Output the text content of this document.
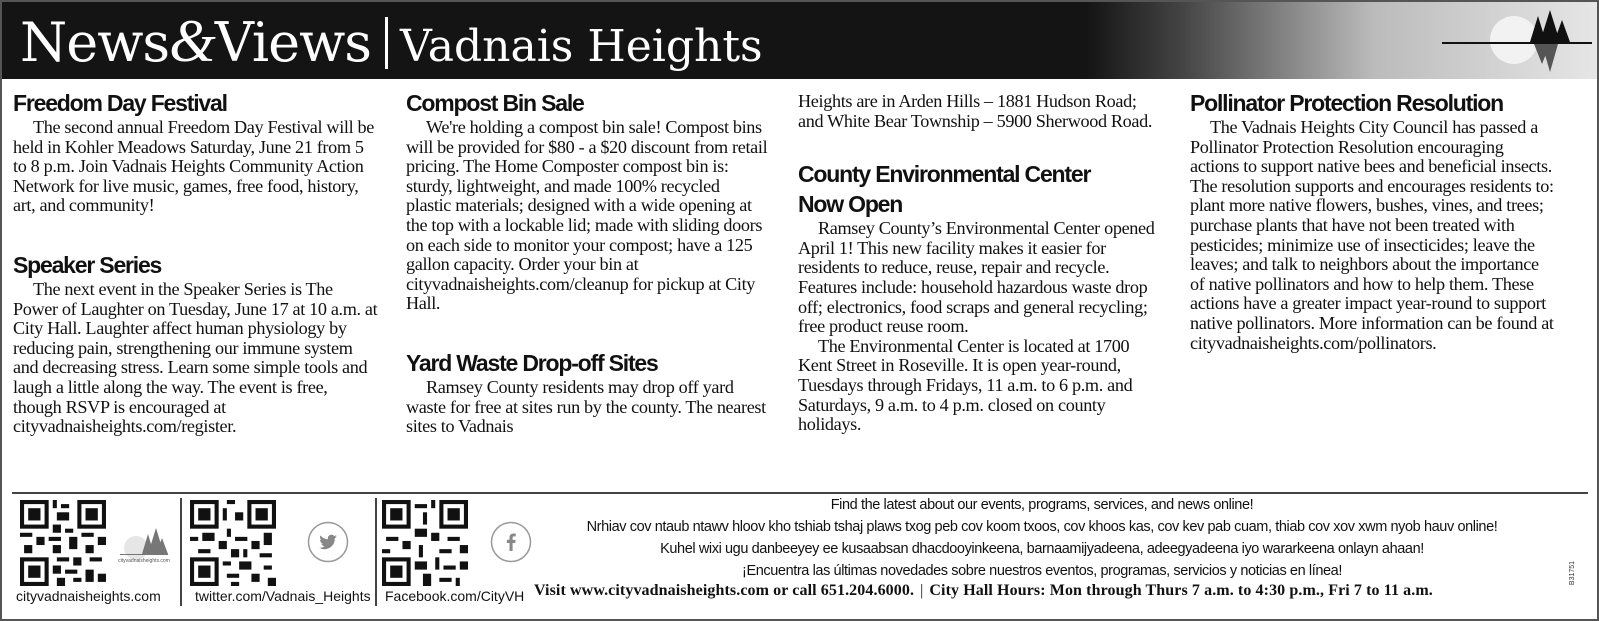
News&Views Vadnais Heights
Freedom Day Festival

The second annual Freedom Day Festival will be held in Kohler Meadows Saturday, June 21 from 5 to 8 p.m. Join Vadnais Heights Community Action Network for live music, games, free food, history, art, and community!

Speaker Series

The next event in the Speaker Series is The Power of Laughter on Tuesday, June 17 at 10 a.m. at City Hall. Laughter affect human physiology by reducing pain, strengthening our immune system and decreasing stress. Learn some simple tools and laugh a little along the way. The event is free, though RSVP is encouraged at cityvadnaisheights.com/register.

Compost Bin Sale

We're holding a compost bin sale! Compost bins will be provided for $80 - a $20 discount from retail pricing. The Home Composter compost bin is: sturdy, lightweight, and made 100% recycled plastic materials; designed with a wide opening at the top with a lockable lid; made with sliding doors on each side to monitor your compost; have a 125 gallon capacity. Order your bin at cityvadnaisheights.com/cleanup for pickup at City Hall.

Yard Waste Drop-off Sites

Ramsey County residents may drop off yard waste for free at sites run by the county. The nearest sites to Vadnais

Heights are in Arden Hills – 1881 Hudson Road; and White Bear Township – 5900 Sherwood Road.

County Environmental Center Now Open

Ramsey County’s Environmental Center opened April 1! This new facility makes it easier for residents to reduce, reuse, repair and recycle. Features include: household hazardous waste drop off; electronics, food scraps and general recycling; free product reuse room.

The Environmental Center is located at 1700 Kent Street in Roseville. It is open year-round, Tuesdays through Fridays, 11 a.m. to 6 p.m. and Saturdays, 9 a.m. to 4 p.m. closed on county holidays.

Pollinator Protection Resolution

The Vadnais Heights City Council has passed a Pollinator Protection Resolution encouraging actions to support native bees and beneficial insects. The resolution supports and encourages residents to: plant more native flowers, bushes, vines, and trees; purchase plants that have not been treated with pesticides; minimize use of insecticides; leave the leaves; and talk to neighbors about the importance of native pollinators and how to help them. These actions have a greater impact year-round to support native pollinators. More information can be found at cityvadnaisheights.com/pollinators.

cityvadnaisheights.com
cityvadnaisheights.com twitter.com/Vadnais_Heights Facebook.com/CityVH
Find the latest about our events, programs, services, and news online!
Nrhiav cov ntaub ntawv hloov kho tshiab tshaj plaws txog peb cov koom txoos, cov khoos kas, cov kev pab cuam, thiab cov xov xwm nyob hauv online!
Kuhel wixi ugu danbeeyey ee kusaabsan dhacdooyinkeena, barnaamijyadeena, adeegyadeena iyo wararkeena onlayn ahaan!
¡Encuentra las últimas novedades sobre nuestros eventos, programas, servicios y noticias en línea!
Visit www.cityvadnaisheights.com or call 651.204.6000. | City Hall Hours: Mon through Thurs 7 a.m. to 4:30 p.m., Fri 7 to 11 a.m.
B31751
